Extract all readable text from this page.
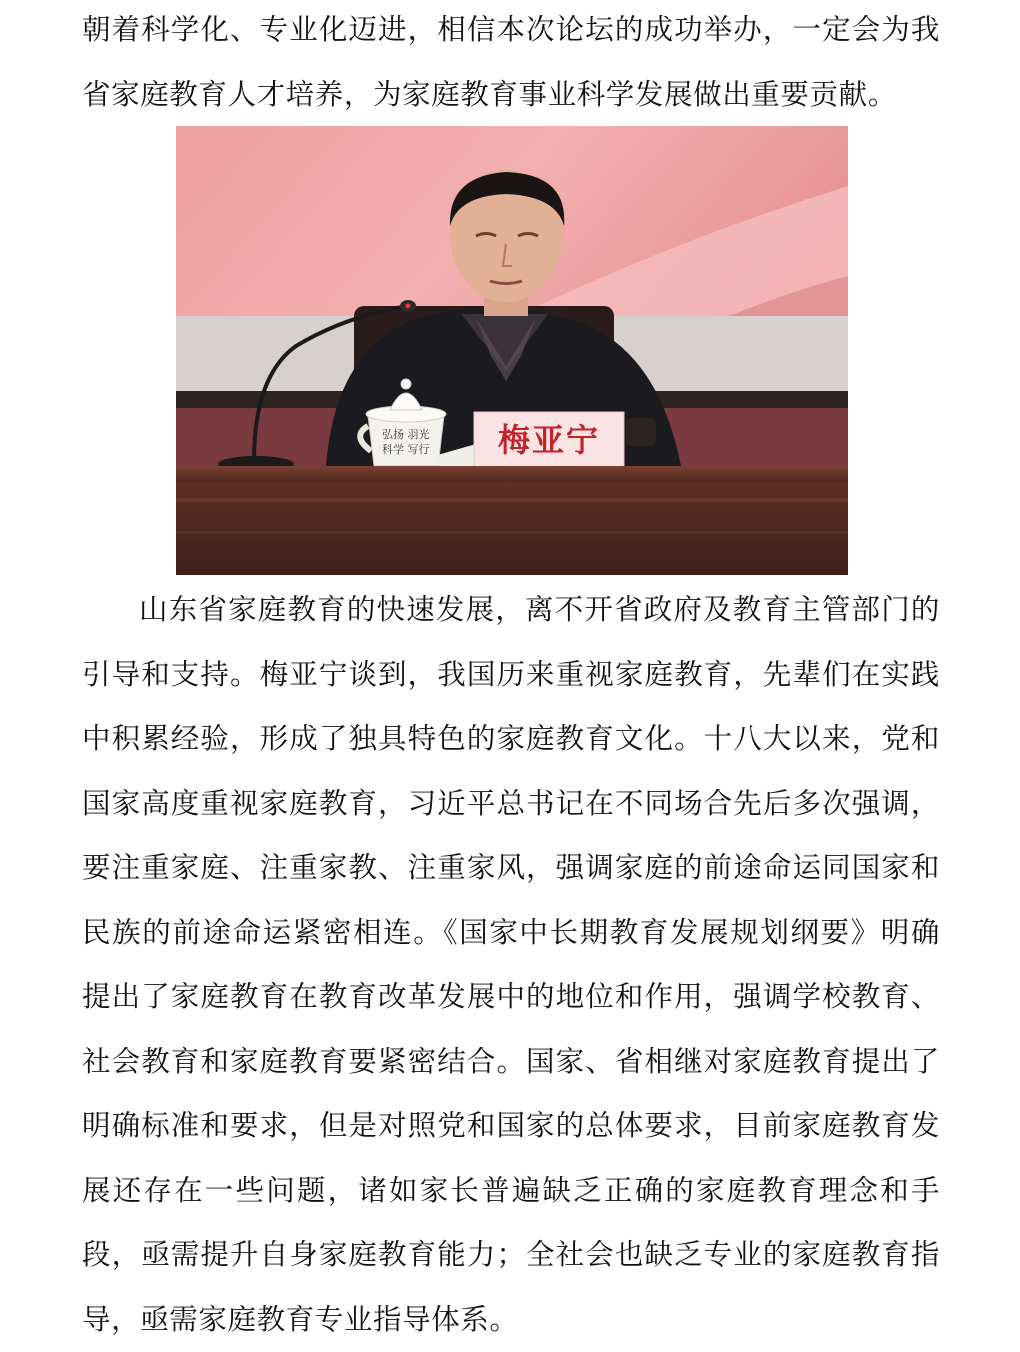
朝着科学化、专业化迈进，相信本次论坛的成功举办，一定会为我省家庭教育人才培养，为家庭教育事业科学发展做出重要贡献。

弘扬 羽光
科学 写行	梅亚宁

山东省家庭教育的快速发展，离不开省政府及教育主管部门的引导和支持。梅亚宁谈到，我国历来重视家庭教育，先辈们在实践中积累经验，形成了独具特色的家庭教育文化。十八大以来，党和国家高度重视家庭教育，习近平总书记在不同场合先后多次强调，要注重家庭、注重家教、注重家风，强调家庭的前途命运同国家和民族的前途命运紧密相连。《国家中长期教育发展规划纲要》明确提出了家庭教育在教育改革发展中的地位和作用，强调学校教育、社会教育和家庭教育要紧密结合。国家、省相继对家庭教育提出了明确标准和要求，但是对照党和国家的总体要求，目前家庭教育发展还存在一些问题，诸如家长普遍缺乏正确的家庭教育理念和手段，亟需提升自身家庭教育能力；全社会也缺乏专业的家庭教育指导，亟需家庭教育专业指导体系。
